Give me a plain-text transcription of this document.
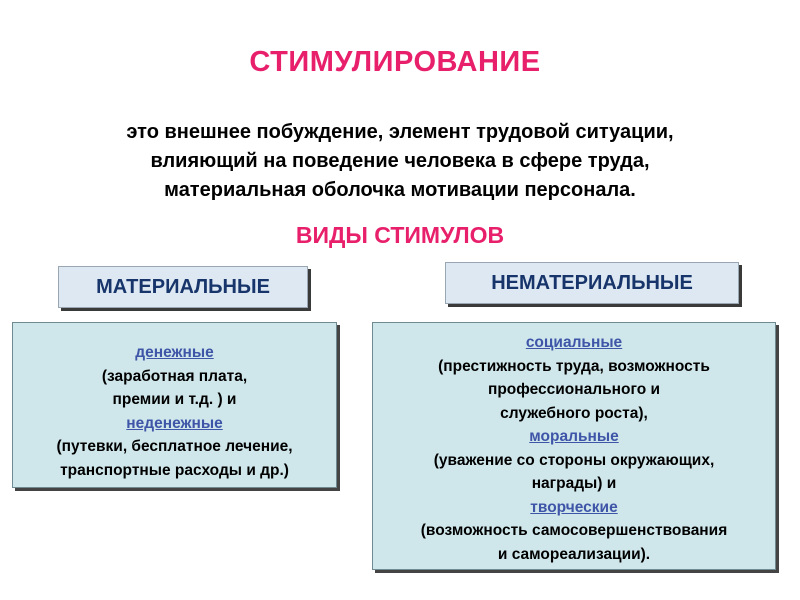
СТИМУЛИРОВАНИЕ
это внешнее побуждение, элемент трудовой ситуации,
влияющий на поведение человека в сфере труда,
материальная оболочка мотивации персонала.
ВИДЫ СТИМУЛОВ
МАТЕРИАЛЬНЫЕ	НЕМАТЕРИАЛЬНЫЕ
денежные
(заработная плата,
премии и т.д. ) и
неденежные
(путевки, бесплатное лечение,
транспортные расходы и др.)
социальные
(престижность труда, возможность
профессионального и
служебного роста),
моральные
(уважение со стороны окружающих,
награды) и
творческие
(возможность самосовершенствования
и самореализации).
